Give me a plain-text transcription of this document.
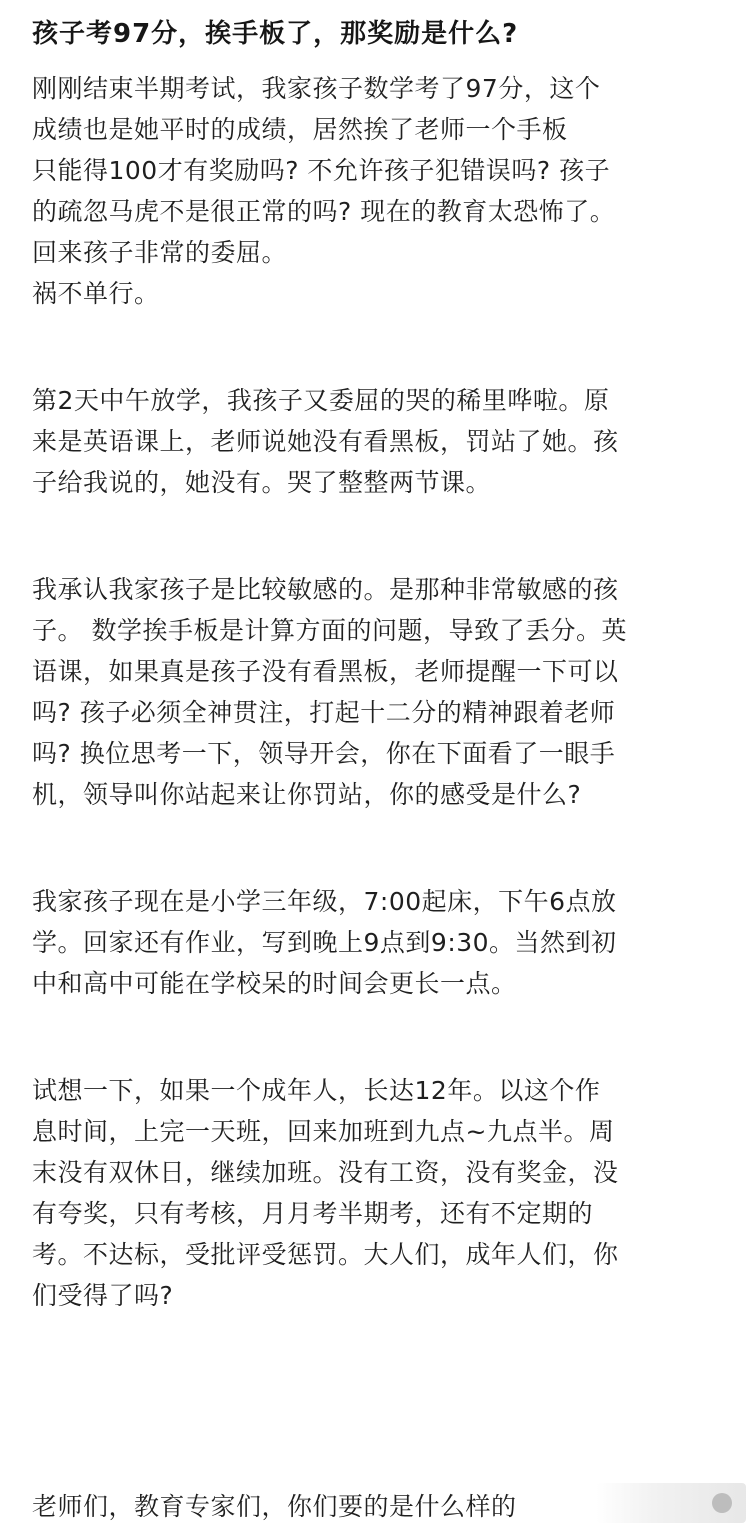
孩子考97分，挨手板了，那奖励是什么?
刚刚结束半期考试，我家孩子数学考了97分，这个
成绩也是她平时的成绩，居然挨了老师一个手板
只能得100才有奖励吗? 不允许孩子犯错误吗? 孩子
的疏忽马虎不是很正常的吗? 现在的教育太恐怖了。
回来孩子非常的委屈。
祸不单行。
第2天中午放学，我孩子又委屈的哭的稀里哗啦。原
来是英语课上，老师说她没有看黑板，罚站了她。孩
子给我说的，她没有。哭了整整两节课。
我承认我家孩子是比较敏感的。是那种非常敏感的孩
子。 数学挨手板是计算方面的问题，导致了丢分。英
语课，如果真是孩子没有看黑板，老师提醒一下可以
吗? 孩子必须全神贯注，打起十二分的精神跟着老师
吗? 换位思考一下，领导开会，你在下面看了一眼手
机，领导叫你站起来让你罚站，你的感受是什么?
我家孩子现在是小学三年级，7:00起床，下午6点放
学。回家还有作业，写到晚上9点到9:30。当然到初
中和高中可能在学校呆的时间会更长一点。
试想一下，如果一个成年人，长达12年。以这个作
息时间，上完一天班，回来加班到九点~九点半。周
末没有双休日，继续加班。没有工资，没有奖金，没
有夸奖，只有考核，月月考半期考，还有不定期的
考。不达标，受批评受惩罚。大人们，成年人们，你
们受得了吗?
老师们，教育专家们，你们要的是什么样的
